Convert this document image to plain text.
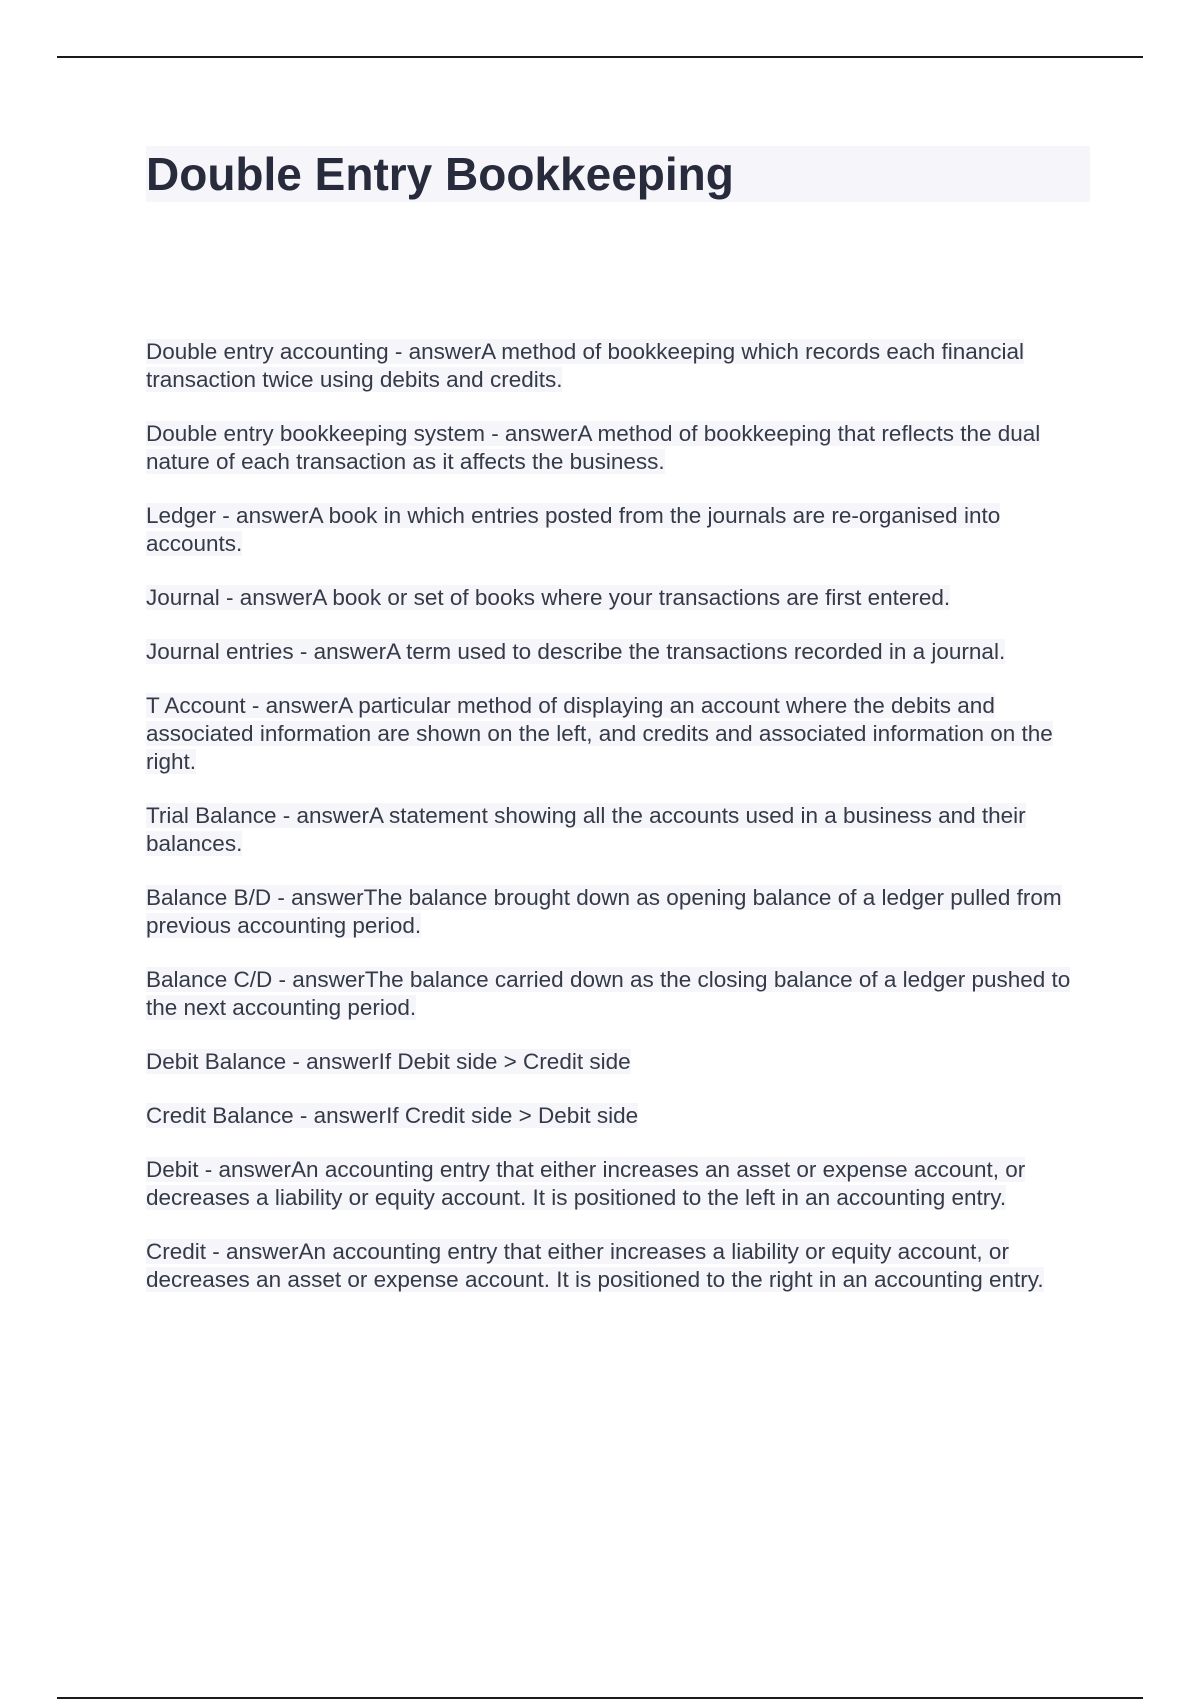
Double Entry Bookkeeping

Double entry accounting - answerA method of bookkeeping which records each financial transaction twice using debits and credits.

Double entry bookkeeping system - answerA method of bookkeeping that reflects the dual nature of each transaction as it affects the business.

Ledger - answerA book in which entries posted from the journals are re-organised into accounts.

Journal - answerA book or set of books where your transactions are first entered.

Journal entries - answerA term used to describe the transactions recorded in a journal.

T Account - answerA particular method of displaying an account where the debits and associated information are shown on the left, and credits and associated information on the right.

Trial Balance - answerA statement showing all the accounts used in a business and their balances.

Balance B/D - answerThe balance brought down as opening balance of a ledger pulled from previous accounting period.

Balance C/D - answerThe balance carried down as the closing balance of a ledger pushed to the next accounting period.

Debit Balance - answerIf Debit side > Credit side

Credit Balance - answerIf Credit side > Debit side

Debit - answerAn accounting entry that either increases an asset or expense account, or decreases a liability or equity account. It is positioned to the left in an accounting entry.

Credit - answerAn accounting entry that either increases a liability or equity account, or decreases an asset or expense account. It is positioned to the right in an accounting entry.
